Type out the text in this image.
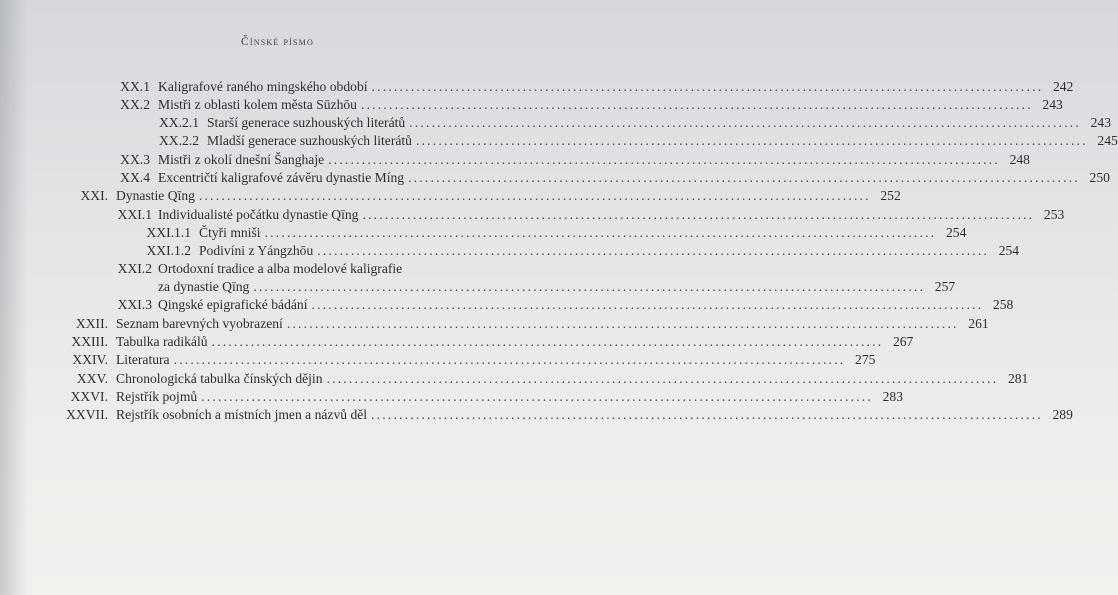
Čínské písmo
XX.1 Kaligrafové raného mingského období ........................................................................................................................ 242
XX.2 Mistři z oblasti kolem města Sūzhōu ........................................................................................................................ 243
XX.2.1 Starší generace suzhouských literátů ........................................................................................................................ 243
XX.2.2 Mladší generace suzhouských literátů ........................................................................................................................ 245
XX.3 Mistři z okolí dnešní Šanghaje ........................................................................................................................ 248
XX.4 Excentričtí kaligrafové závěru dynastie Míng ........................................................................................................................ 250
XXI. Dynastie Qīng ........................................................................................................................ 252
XXI.1 Individualisté počátku dynastie Qīng ........................................................................................................................ 253
XXI.1.1 Čtyři mniši ........................................................................................................................ 254
XXI.1.2 Podivíni z Yángzhōu ........................................................................................................................ 254
XXI.2 Ortodoxní tradice a alba modelové kaligrafie
za dynastie Qīng ........................................................................................................................ 257
XXI.3 Qingské epigrafické bádání ........................................................................................................................ 258
XXII. Seznam barevných vyobrazení ........................................................................................................................ 261
XXIII. Tabulka radikálů ........................................................................................................................ 267
XXIV. Literatura ........................................................................................................................ 275
XXV. Chronologická tabulka čínských dějin ........................................................................................................................ 281
XXVI. Rejstřík pojmů ........................................................................................................................ 283
XXVII. Rejstřík osobních a místních jmen a názvů děl ........................................................................................................................ 289
